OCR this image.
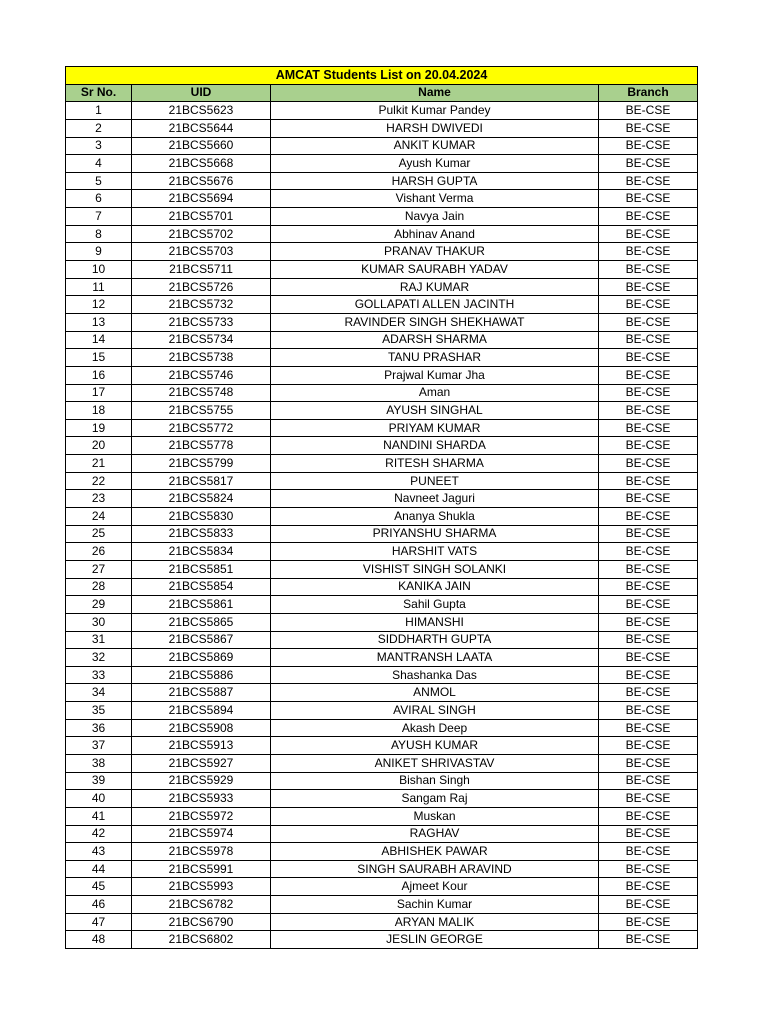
AMCAT Students List on 20.04.2024			
Sr No.	UID	Name	Branch
1	21BCS5623	Pulkit Kumar Pandey	BE-CSE
2	21BCS5644	HARSH DWIVEDI	BE-CSE
3	21BCS5660	ANKIT KUMAR	BE-CSE
4	21BCS5668	Ayush Kumar	BE-CSE
5	21BCS5676	HARSH GUPTA	BE-CSE
6	21BCS5694	Vishant Verma	BE-CSE
7	21BCS5701	Navya Jain	BE-CSE
8	21BCS5702	Abhinav Anand	BE-CSE
9	21BCS5703	PRANAV THAKUR	BE-CSE
10	21BCS5711	KUMAR SAURABH YADAV	BE-CSE
11	21BCS5726	RAJ KUMAR	BE-CSE
12	21BCS5732	GOLLAPATI ALLEN JACINTH	BE-CSE
13	21BCS5733	RAVINDER SINGH SHEKHAWAT	BE-CSE
14	21BCS5734	ADARSH SHARMA	BE-CSE
15	21BCS5738	TANU PRASHAR	BE-CSE
16	21BCS5746	Prajwal Kumar Jha	BE-CSE
17	21BCS5748	Aman	BE-CSE
18	21BCS5755	AYUSH SINGHAL	BE-CSE
19	21BCS5772	PRIYAM KUMAR	BE-CSE
20	21BCS5778	NANDINI SHARDA	BE-CSE
21	21BCS5799	RITESH SHARMA	BE-CSE
22	21BCS5817	PUNEET	BE-CSE
23	21BCS5824	Navneet Jaguri	BE-CSE
24	21BCS5830	Ananya Shukla	BE-CSE
25	21BCS5833	PRIYANSHU SHARMA	BE-CSE
26	21BCS5834	HARSHIT VATS	BE-CSE
27	21BCS5851	VISHIST SINGH SOLANKI	BE-CSE
28	21BCS5854	KANIKA JAIN	BE-CSE
29	21BCS5861	Sahil Gupta	BE-CSE
30	21BCS5865	HIMANSHI	BE-CSE
31	21BCS5867	SIDDHARTH GUPTA	BE-CSE
32	21BCS5869	MANTRANSH LAATA	BE-CSE
33	21BCS5886	Shashanka Das	BE-CSE
34	21BCS5887	ANMOL	BE-CSE
35	21BCS5894	AVIRAL SINGH	BE-CSE
36	21BCS5908	Akash Deep	BE-CSE
37	21BCS5913	AYUSH KUMAR	BE-CSE
38	21BCS5927	ANIKET SHRIVASTAV	BE-CSE
39	21BCS5929	Bishan Singh	BE-CSE
40	21BCS5933	Sangam Raj	BE-CSE
41	21BCS5972	Muskan	BE-CSE
42	21BCS5974	RAGHAV	BE-CSE
43	21BCS5978	ABHISHEK PAWAR	BE-CSE
44	21BCS5991	SINGH SAURABH ARAVIND	BE-CSE
45	21BCS5993	Ajmeet Kour	BE-CSE
46	21BCS6782	Sachin Kumar	BE-CSE
47	21BCS6790	ARYAN MALIK	BE-CSE
48	21BCS6802	JESLIN GEORGE	BE-CSE
